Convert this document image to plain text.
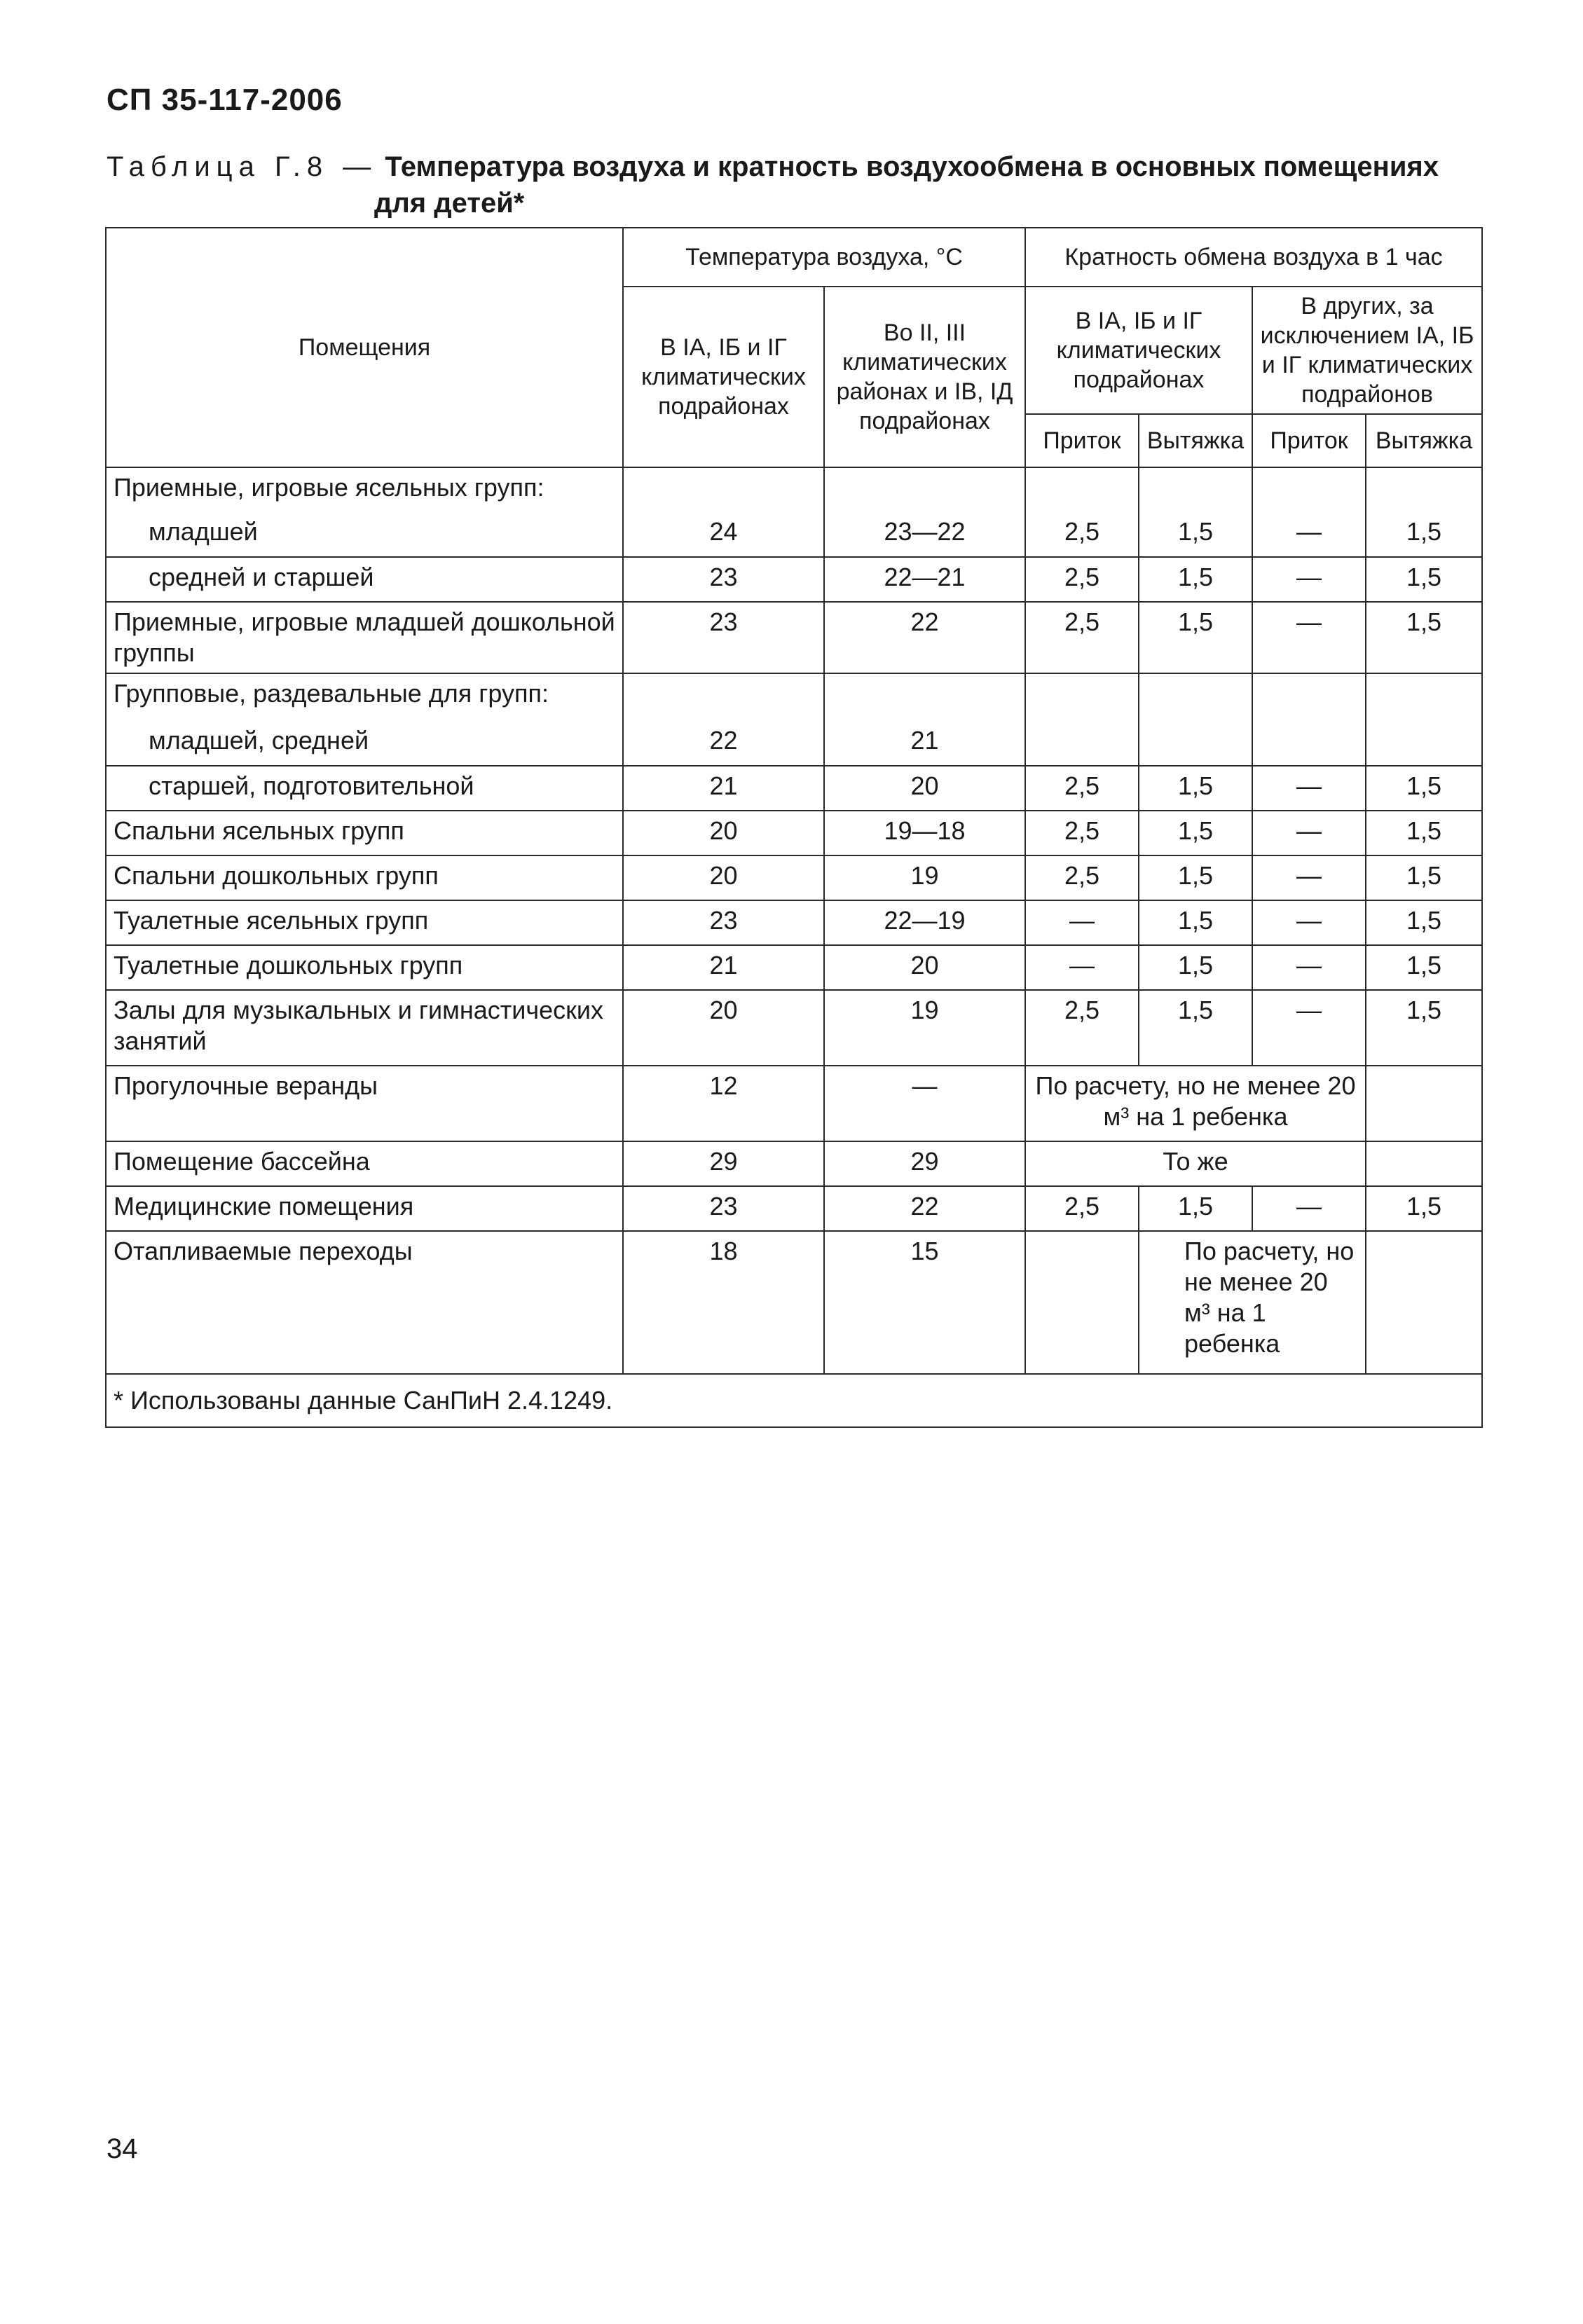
СП 35-117-2006
Таблица Г.8 — Температура воздуха и кратность воздухообмена в основных помещениях
для детей*
Помещения	Температура воздуха, °С		Кратность обмена воздуха в 1 час			
	В IА, IБ и IГ климатических подрайонах	Во II, III климатических районах и IВ, IД подрайонах	В IА, IБ и IГ климатических подрайонах		В других, за исключением IА, IБ и IГ климатических подрайонов	
			Приток	Вытяжка	Приток	Вытяжка
Приемные, игровые ясельных групп:						
младшей	24	23—22	2,5	1,5	—	1,5
средней и старшей	23	22—21	2,5	1,5	—	1,5
Приемные, игровые младшей дошкольной группы	23	22	2,5	1,5	—	1,5
Групповые, раздевальные для групп:						
младшей, средней	22	21				
старшей, подготовительной	21	20	2,5	1,5	—	1,5
Спальни ясельных групп	20	19—18	2,5	1,5	—	1,5
Спальни дошкольных групп	20	19	2,5	1,5	—	1,5
Туалетные ясельных групп	23	22—19	—	1,5	—	1,5
Туалетные дошкольных групп	21	20	—	1,5	—	1,5
Залы для музыкальных и гимнастических занятий	20	19	2,5	1,5	—	1,5
Прогулочные веранды	12	—	По расчету, но не менее 20 м³ на 1 ребенка			
Помещение бассейна	29	29	То же			
Медицинские помещения	23	22	2,5	1,5	—	1,5
Отапливаемые переходы	18	15		По расчету, но не менее 20 м³ на 1 ребенка		
* Использованы данные СанПиН 2.4.1249.						
34
